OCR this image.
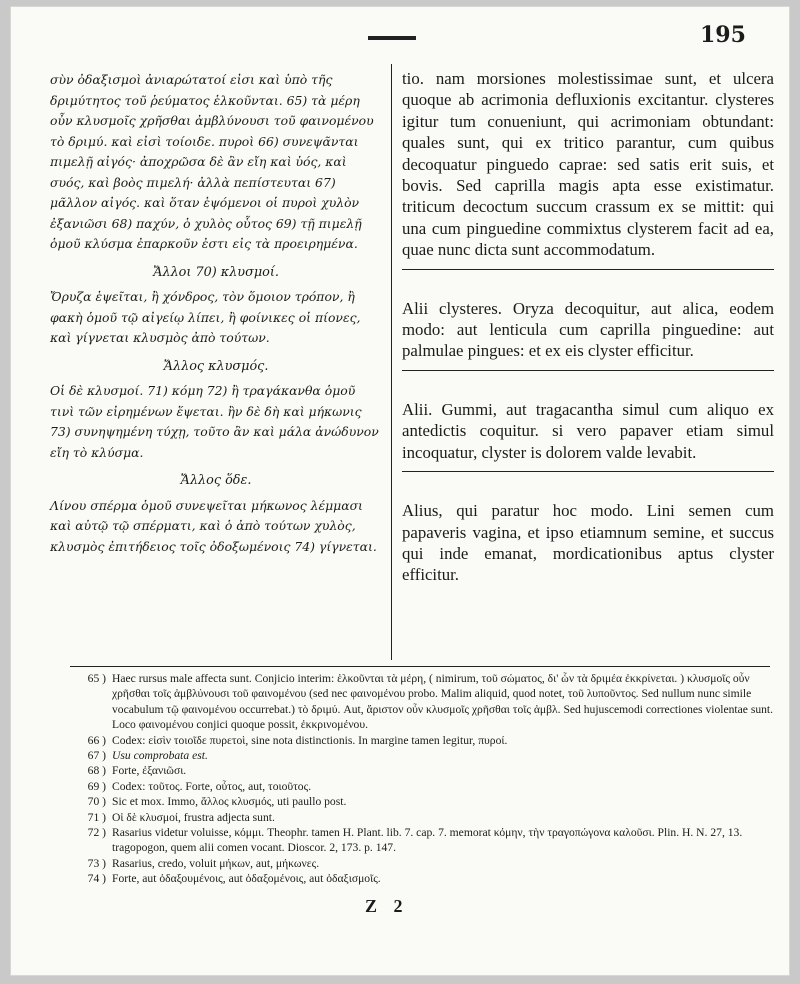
195

σὺν ὀδαξισμοὶ ἀνιαρώτατοί εἰσι καὶ ὑπὸ τῆς δριμύτητος τοῦ ῥεύματος ἑλκοῦνται. 65) τὰ μέρη οὖν κλυσμοῖς χρῆσθαι ἀμβλύνουσι τοῦ φαινομένου τὸ δριμύ. καὶ εἰσὶ τοίοιδε. πυροὶ 66) συνεψᾶνται πιμελῇ αἰγός· ἀποχρῶσα δὲ ἂν εἴη καὶ ὑός, καὶ συός, καὶ βοὸς πιμελή· ἀλλὰ πεπίστευται 67) μᾶλλον αἰγός. καὶ ὅταν ἑψόμενοι οἱ πυροὶ χυλὸν ἐξανιῶσι 68) παχύν, ὁ χυλὸς οὗτος 69) τῇ πιμελῇ ὁμοῦ κλύσμα ἐπαρκοῦν ἐστι εἰς τὰ προειρημένα.

Ἄλλοι 70) κλυσμοί.

Ὄρυζα ἑψεῖται, ἢ χόνδρος, τὸν ὅμοιον τρόπον, ἢ φακὴ ὁμοῦ τῷ αἰγείῳ λίπει, ἢ φοίνικες οἱ πίονες, καὶ γίγνεται κλυσμὸς ἀπὸ τούτων.

Ἄλλος κλυσμός.

Οἱ δὲ κλυσμοί. 71) κόμη 72) ἢ τραγάκανθα ὁμοῦ τινὶ τῶν εἰρημένων ἕψεται. ἢν δὲ δὴ καὶ μήκωνις 73) συνηψημένη τύχῃ, τοῦτο ἂν καὶ μάλα ἀνώδυνον εἴη τὸ κλύσμα.

Ἄλλος ὅδε.

Λίνου σπέρμα ὁμοῦ συνεψεῖται μήκωνος λέμμασι καὶ αὐτῷ τῷ σπέρματι, καὶ ὁ ἀπὸ τούτων χυλὸς, κλυσμὸς ἐπιτήδειος τοῖς ὀδοξωμένοις 74) γίγνεται.

tio. nam morsiones molestissimae sunt, et ulcera quoque ab acrimonia defluxionis excitantur. clysteres igitur tum conueniunt, qui acrimoniam obtundant: quales sunt, qui ex tritico parantur, cum quibus decoquatur pinguedo caprae: sed satis erit suis, et bovis. Sed caprilla magis apta esse existimatur. triticum decoctum succum crassum ex se mittit: qui una cum pinguedine commixtus clysterem facit ad ea, quae nunc dicta sunt accommodatum.

Alii clysteres. Oryza decoquitur, aut alica, eodem modo: aut lenticula cum caprilla pinguedine: aut palmulae pingues: et ex eis clyster efficitur.

Alii. Gummi, aut tragacantha simul cum aliquo ex antedictis coquitur. si vero papaver etiam simul incoquatur, clyster is dolorem valde levabit.

Alius, qui paratur hoc modo. Lini semen cum papaveris vagina, et ipso etiamnum semine, et succus qui inde emanat, mordicationibus aptus clyster efficitur.

65 ) Haec rursus male affecta sunt. Conjicio interim: ἑλκοῦνται τὰ μέρη, ( nimirum, τοῦ σώματος, δι' ὧν τὰ δριμέα ἐκκρίνεται. ) κλυσμοῖς οὖν χρῆσθαι τοῖς ἀμβλύνουσι τοῦ φαινομένου (sed nec φαινομένου probo. Malim aliquid, quod notet, τοῦ λυποῦντος. Sed nullum nunc simile vocabulum τῷ φαινομένου occurrebat.) τὸ δριμύ. Aut, ἄριστον οὖν κλυσμοῖς χρῆσθαι τοῖς ἀμβλ. Sed hujuscemodi correctiones violentae sunt. Loco φαινομένου conjici quoque possit, ἐκκρινομένου.
66 ) Codex: εἰσὶν τοιοῖδε πυρετοὶ, sine nota distinctionis. In margine tamen legitur, πυροί.
67 ) Usu comprobata est.
68 ) Forte, ἐξανιῶσι.
69 ) Codex: τοῦτος. Forte, οὗτος, aut, τοιοῦτος.
70 ) Sic et mox. Immo, ἄλλος κλυσμός, uti paullo post.
71 ) Οἱ δὲ κλυσμοί, frustra adjecta sunt.
72 ) Rasarius videtur voluisse, κόμμι. Theophr. tamen H. Plant. lib. 7. cap. 7. memorat κόμην, τὴν τραγοπώγονα καλοῦσι. Plin. H. N. 27, 13. tragopogon, quem alii comen vocant. Dioscor. 2, 173. p. 147.
73 ) Rasarius, credo, voluit μήκων, aut, μήκωνες.
74 ) Forte, aut ὀδαξουμένοις, aut ὀδαξομένοις, aut ὀδαξισμοῖς.
Z 2
